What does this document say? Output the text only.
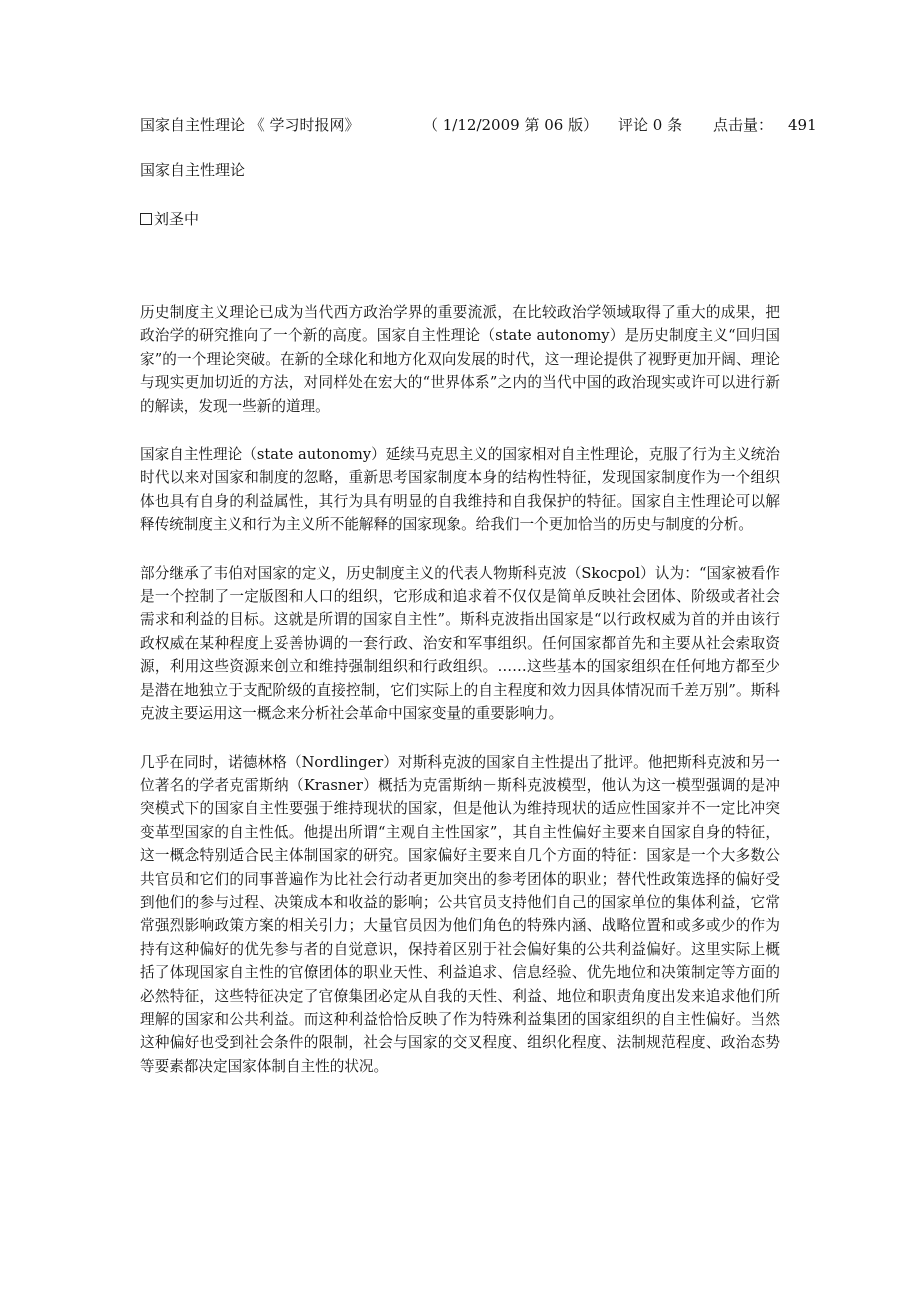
国家自主性理论 《 学习时报网》	（ 1/12/2009 第 06 版） 评论 0 条 点击量： 491
国家自主性理论
刘圣中

历史制度主义理论已成为当代西方政治学界的重要流派，在比较政治学领域取得了重大的成果，把政治学的研究推向了一个新的高度。国家自主性理论（state autonomy）是历史制度主义“回归国家”的一个理论突破。在新的全球化和地方化双向发展的时代，这一理论提供了视野更加开阔、理论与现实更加切近的方法，对同样处在宏大的“世界体系”之内的当代中国的政治现实或许可以进行新的解读，发现一些新的道理。

国家自主性理论（state autonomy）延续马克思主义的国家相对自主性理论，克服了行为主义统治时代以来对国家和制度的忽略，重新思考国家制度本身的结构性特征，发现国家制度作为一个组织体也具有自身的利益属性，其行为具有明显的自我维持和自我保护的特征。国家自主性理论可以解释传统制度主义和行为主义所不能解释的国家现象。给我们一个更加恰当的历史与制度的分析。

部分继承了韦伯对国家的定义，历史制度主义的代表人物斯科克波（Skocpol）认为：“国家被看作是一个控制了一定版图和人口的组织，它形成和追求着不仅仅是简单反映社会团体、阶级或者社会需求和利益的目标。这就是所谓的国家自主性”。斯科克波指出国家是“以行政权威为首的并由该行政权威在某种程度上妥善协调的一套行政、治安和军事组织。任何国家都首先和主要从社会索取资源，利用这些资源来创立和维持强制组织和行政组织。……这些基本的国家组织在任何地方都至少是潜在地独立于支配阶级的直接控制，它们实际上的自主程度和效力因具体情况而千差万别”。斯科克波主要运用这一概念来分析社会革命中国家变量的重要影响力。

几乎在同时，诺德林格（Nordlinger）对斯科克波的国家自主性提出了批评。他把斯科克波和另一位著名的学者克雷斯纳（Krasner）概括为克雷斯纳－斯科克波模型，他认为这一模型强调的是冲突模式下的国家自主性要强于维持现状的国家，但是他认为维持现状的适应性国家并不一定比冲突变革型国家的自主性低。他提出所谓“主观自主性国家”，其自主性偏好主要来自国家自身的特征，这一概念特别适合民主体制国家的研究。国家偏好主要来自几个方面的特征：国家是一个大多数公共官员和它们的同事普遍作为比社会行动者更加突出的参考团体的职业；替代性政策选择的偏好受到他们的参与过程、决策成本和收益的影响；公共官员支持他们自己的国家单位的集体利益，它常常强烈影响政策方案的相关引力；大量官员因为他们角色的特殊内涵、战略位置和或多或少的作为持有这种偏好的优先参与者的自觉意识，保持着区别于社会偏好集的公共利益偏好。这里实际上概括了体现国家自主性的官僚团体的职业天性、利益追求、信息经验、优先地位和决策制定等方面的必然特征，这些特征决定了官僚集团必定从自我的天性、利益、地位和职责角度出发来追求他们所理解的国家和公共利益。而这种利益恰恰反映了作为特殊利益集团的国家组织的自主性偏好。当然这种偏好也受到社会条件的限制，社会与国家的交叉程度、组织化程度、法制规范程度、政治态势等要素都决定国家体制自主性的状况。
